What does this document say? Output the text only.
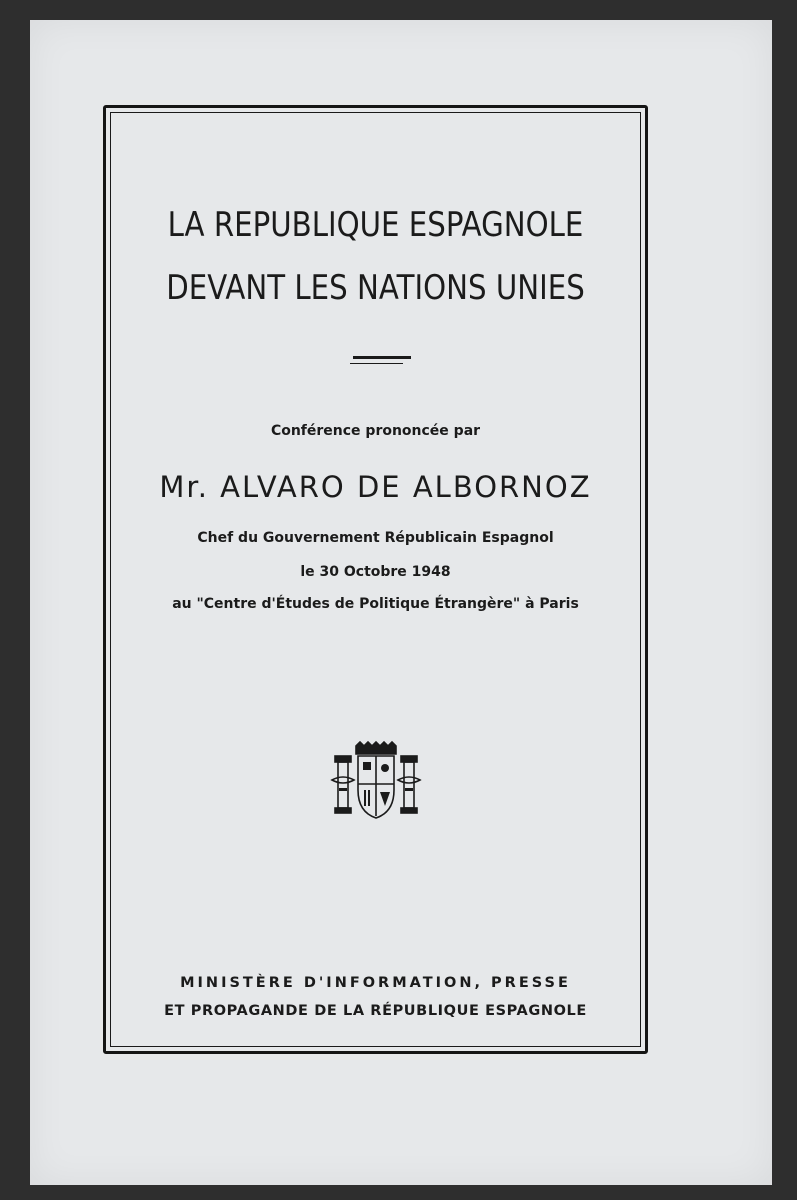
LA REPUBLIQUE ESPAGNOLE
DEVANT LES NATIONS UNIES
Conférence prononcée par
Mr. ALVARO DE ALBORNOZ
Chef du Gouvernement Républicain Espagnol
le 30 Octobre 1948
au "Centre d'Études de Politique Étrangère" à Paris
MINISTÈRE D'INFORMATION, PRESSE
ET PROPAGANDE DE LA RÉPUBLIQUE ESPAGNOLE
